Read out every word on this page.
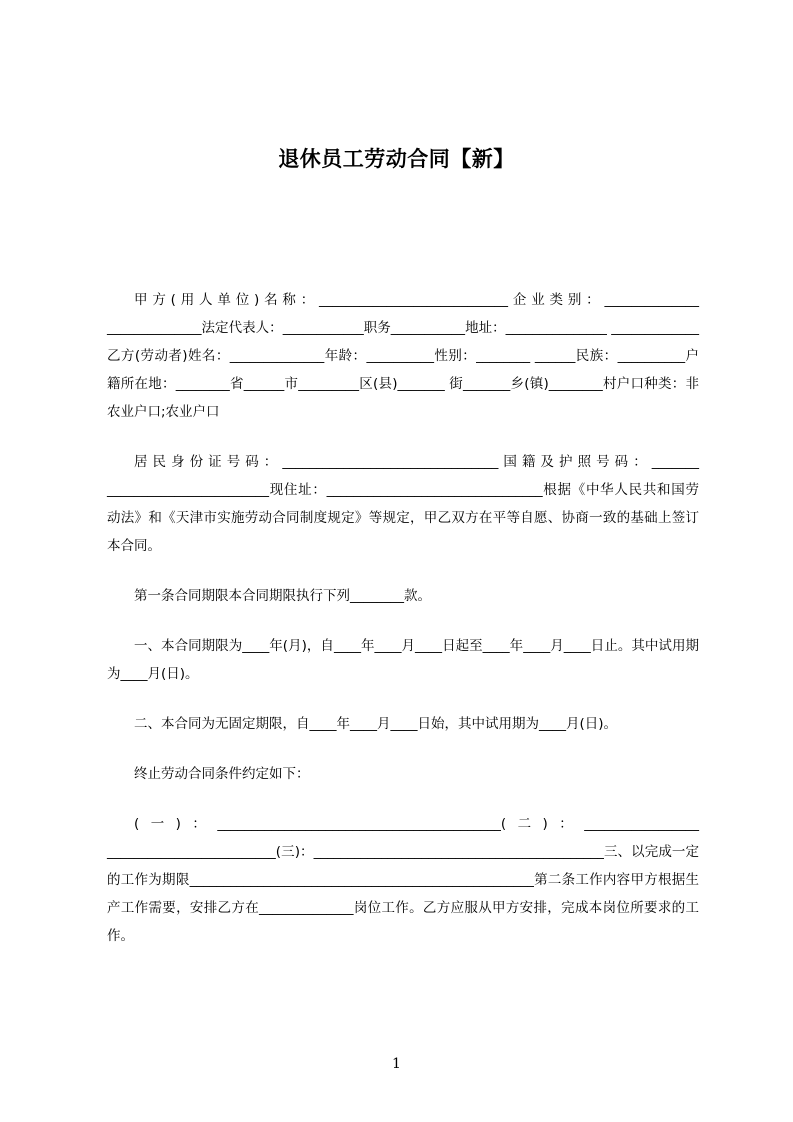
退休员工劳动合同【新】

甲方(用人单位)名称：____________________________企业类别：______________ ______________法定代表人：____________职务___________地址：_______________ _____________乙方(劳动者)姓名：______________年龄：__________性别：________ ______民族：__________户籍所在地：________省______市_________区(县)_______ 街_______乡(镇)________村户口种类：非农业户口;农业户口

居民身份证号码：________________________________国籍及护照号码：_______ ________________________现住址：________________________________根据《中华人民共和国劳动法》和《天津市实施劳动合同制度规定》等规定，甲乙双方在平等自愿、协商一致的基础上签订本合同。

第一条合同期限本合同期限执行下列________款。

一、本合同期限为____年(月)，自____年____月____日起至____年____月____日止。其中试用期为____月(日)。

二、本合同为无固定期限，自____年____月____日始，其中试用期为____月(日)。

终止劳动合同条件约定如下：

(一)：__________________________________________(二)：_________________ _________________________(三)：___________________________________________三、以完成一定的工作为期限___________________________________________________第二条工作内容甲方根据生产工作需要，安排乙方在______________岗位工作。乙方应服从甲方安排，完成本岗位所要求的工作。

1
